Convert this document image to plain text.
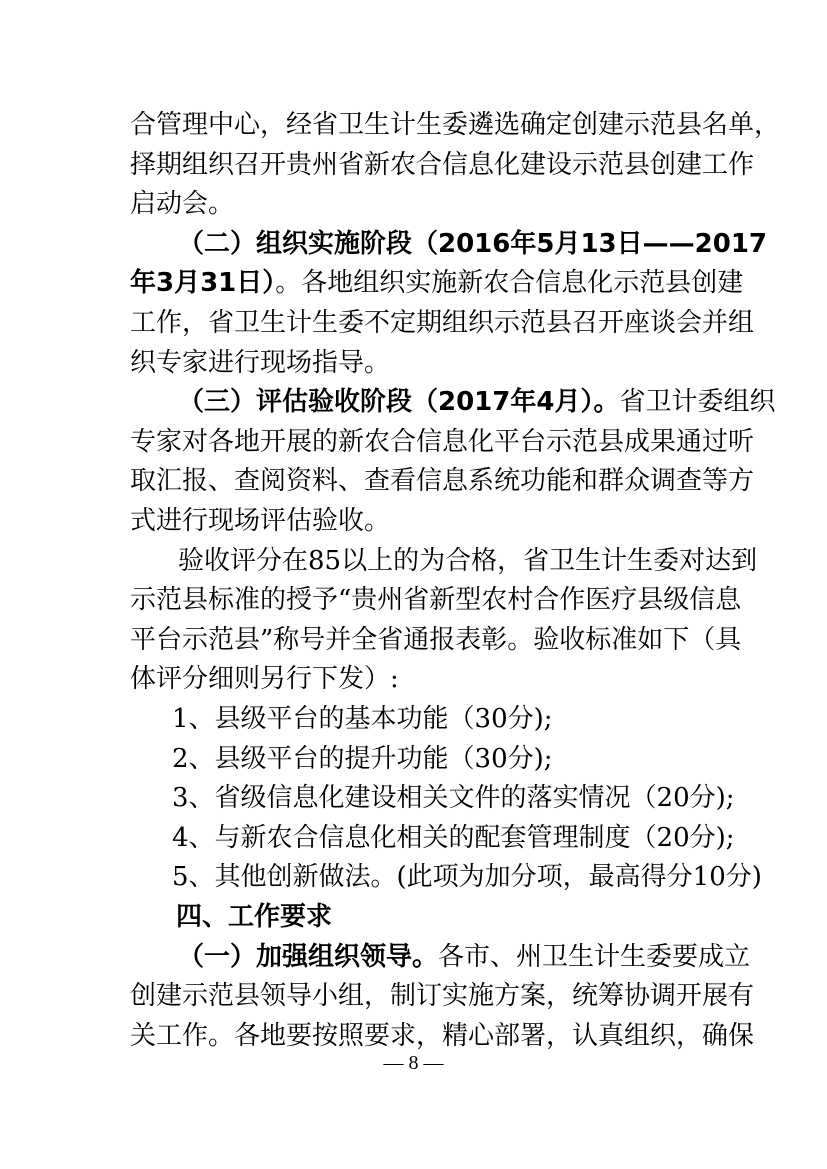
合管理中心，经省卫生计生委遴选确定创建示范县名单，
择期组织召开贵州省新农合信息化建设示范县创建工作
启动会。
（二）组织实施阶段（2016年5月13日——2017
年3月31日）。各地组织实施新农合信息化示范县创建
工作，省卫生计生委不定期组织示范县召开座谈会并组
织专家进行现场指导。
（三）评估验收阶段（2017年4月）。省卫计委组织
专家对各地开展的新农合信息化平台示范县成果通过听
取汇报、查阅资料、查看信息系统功能和群众调查等方
式进行现场评估验收。
验收评分在85以上的为合格，省卫生计生委对达到
示范县标准的授予“贵州省新型农村合作医疗县级信息
平台示范县”称号并全省通报表彰。验收标准如下（具
体评分细则另行下发）:
1、县级平台的基本功能（30分);
2、县级平台的提升功能（30分);
3、省级信息化建设相关文件的落实情况（20分);
4、与新农合信息化相关的配套管理制度（20分);
5、其他创新做法。(此项为加分项，最高得分10分)
四、工作要求
（一）加强组织领导。各市、州卫生计生委要成立
创建示范县领导小组，制订实施方案，统筹协调开展有
— 8 —
关工作。各地要按照要求，精心部署，认真组织，确保
